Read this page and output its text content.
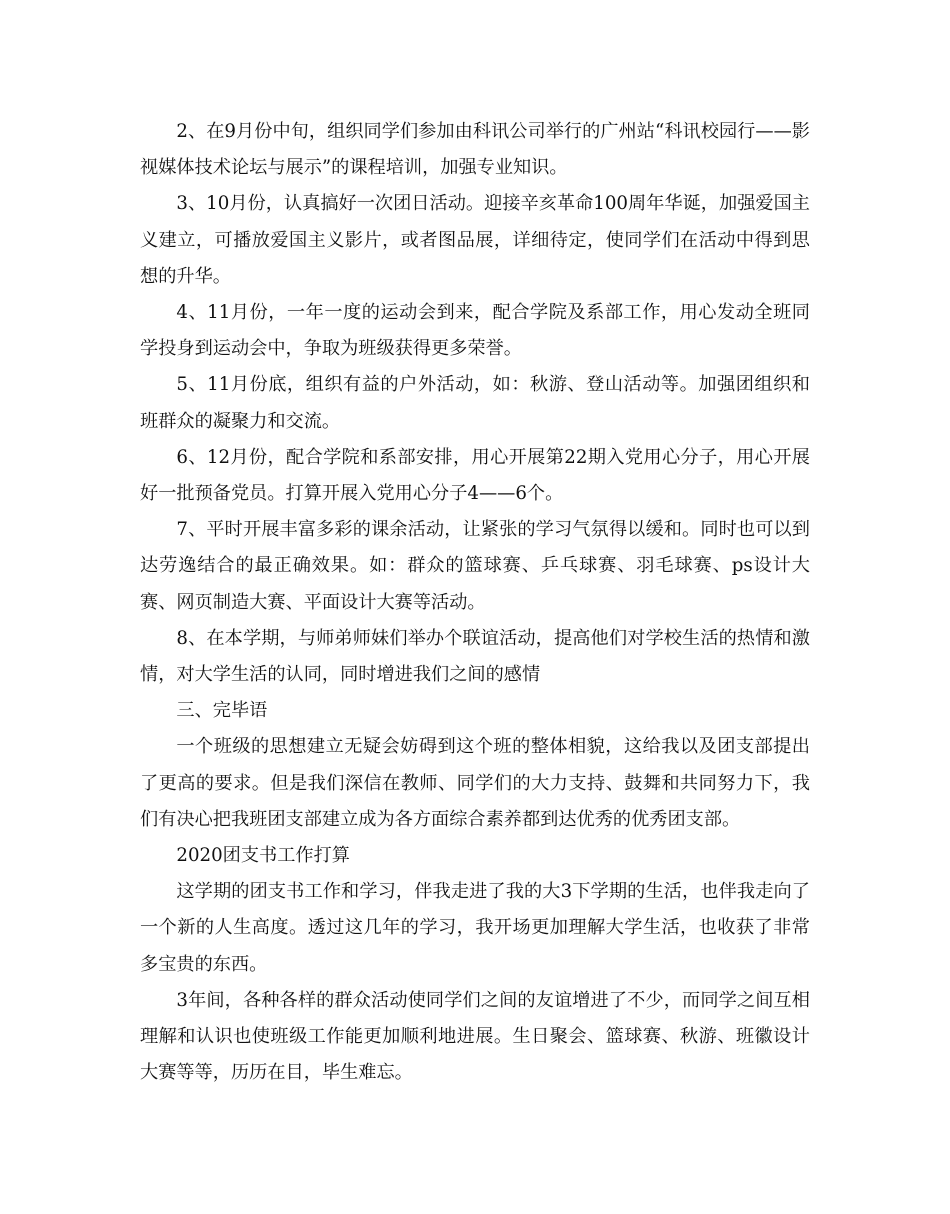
2、在9月份中旬，组织同学们参加由科讯公司举行的广州站“科讯校园行——影视媒体技术论坛与展示”的课程培训，加强专业知识。

3、10月份，认真搞好一次团日活动。迎接辛亥革命100周年华诞，加强爱国主义建立，可播放爱国主义影片，或者图品展，详细待定，使同学们在活动中得到思想的升华。

4、11月份，一年一度的运动会到来，配合学院及系部工作，用心发动全班同学投身到运动会中，争取为班级获得更多荣誉。

5、11月份底，组织有益的户外活动，如：秋游、登山活动等。加强团组织和班群众的凝聚力和交流。

6、12月份，配合学院和系部安排，用心开展第22期入党用心分子，用心开展好一批预备党员。打算开展入党用心分子4——6个。

7、平时开展丰富多彩的课余活动，让紧张的学习气氛得以缓和。同时也可以到达劳逸结合的最正确效果。如：群众的篮球赛、乒乓球赛、羽毛球赛、ps设计大赛、网页制造大赛、平面设计大赛等活动。

8、在本学期，与师弟师妹们举办个联谊活动，提高他们对学校生活的热情和激情，对大学生活的认同，同时增进我们之间的感情

三、完毕语

一个班级的思想建立无疑会妨碍到这个班的整体相貌，这给我以及团支部提出了更高的要求。但是我们深信在教师、同学们的大力支持、鼓舞和共同努力下，我们有决心把我班团支部建立成为各方面综合素养都到达优秀的优秀团支部。

2020团支书工作打算

这学期的团支书工作和学习，伴我走进了我的大3下学期的生活，也伴我走向了一个新的人生高度。透过这几年的学习，我开场更加理解大学生活，也收获了非常多宝贵的东西。

3年间，各种各样的群众活动使同学们之间的友谊增进了不少，而同学之间互相理解和认识也使班级工作能更加顺利地进展。生日聚会、篮球赛、秋游、班徽设计大赛等等，历历在目，毕生难忘。
